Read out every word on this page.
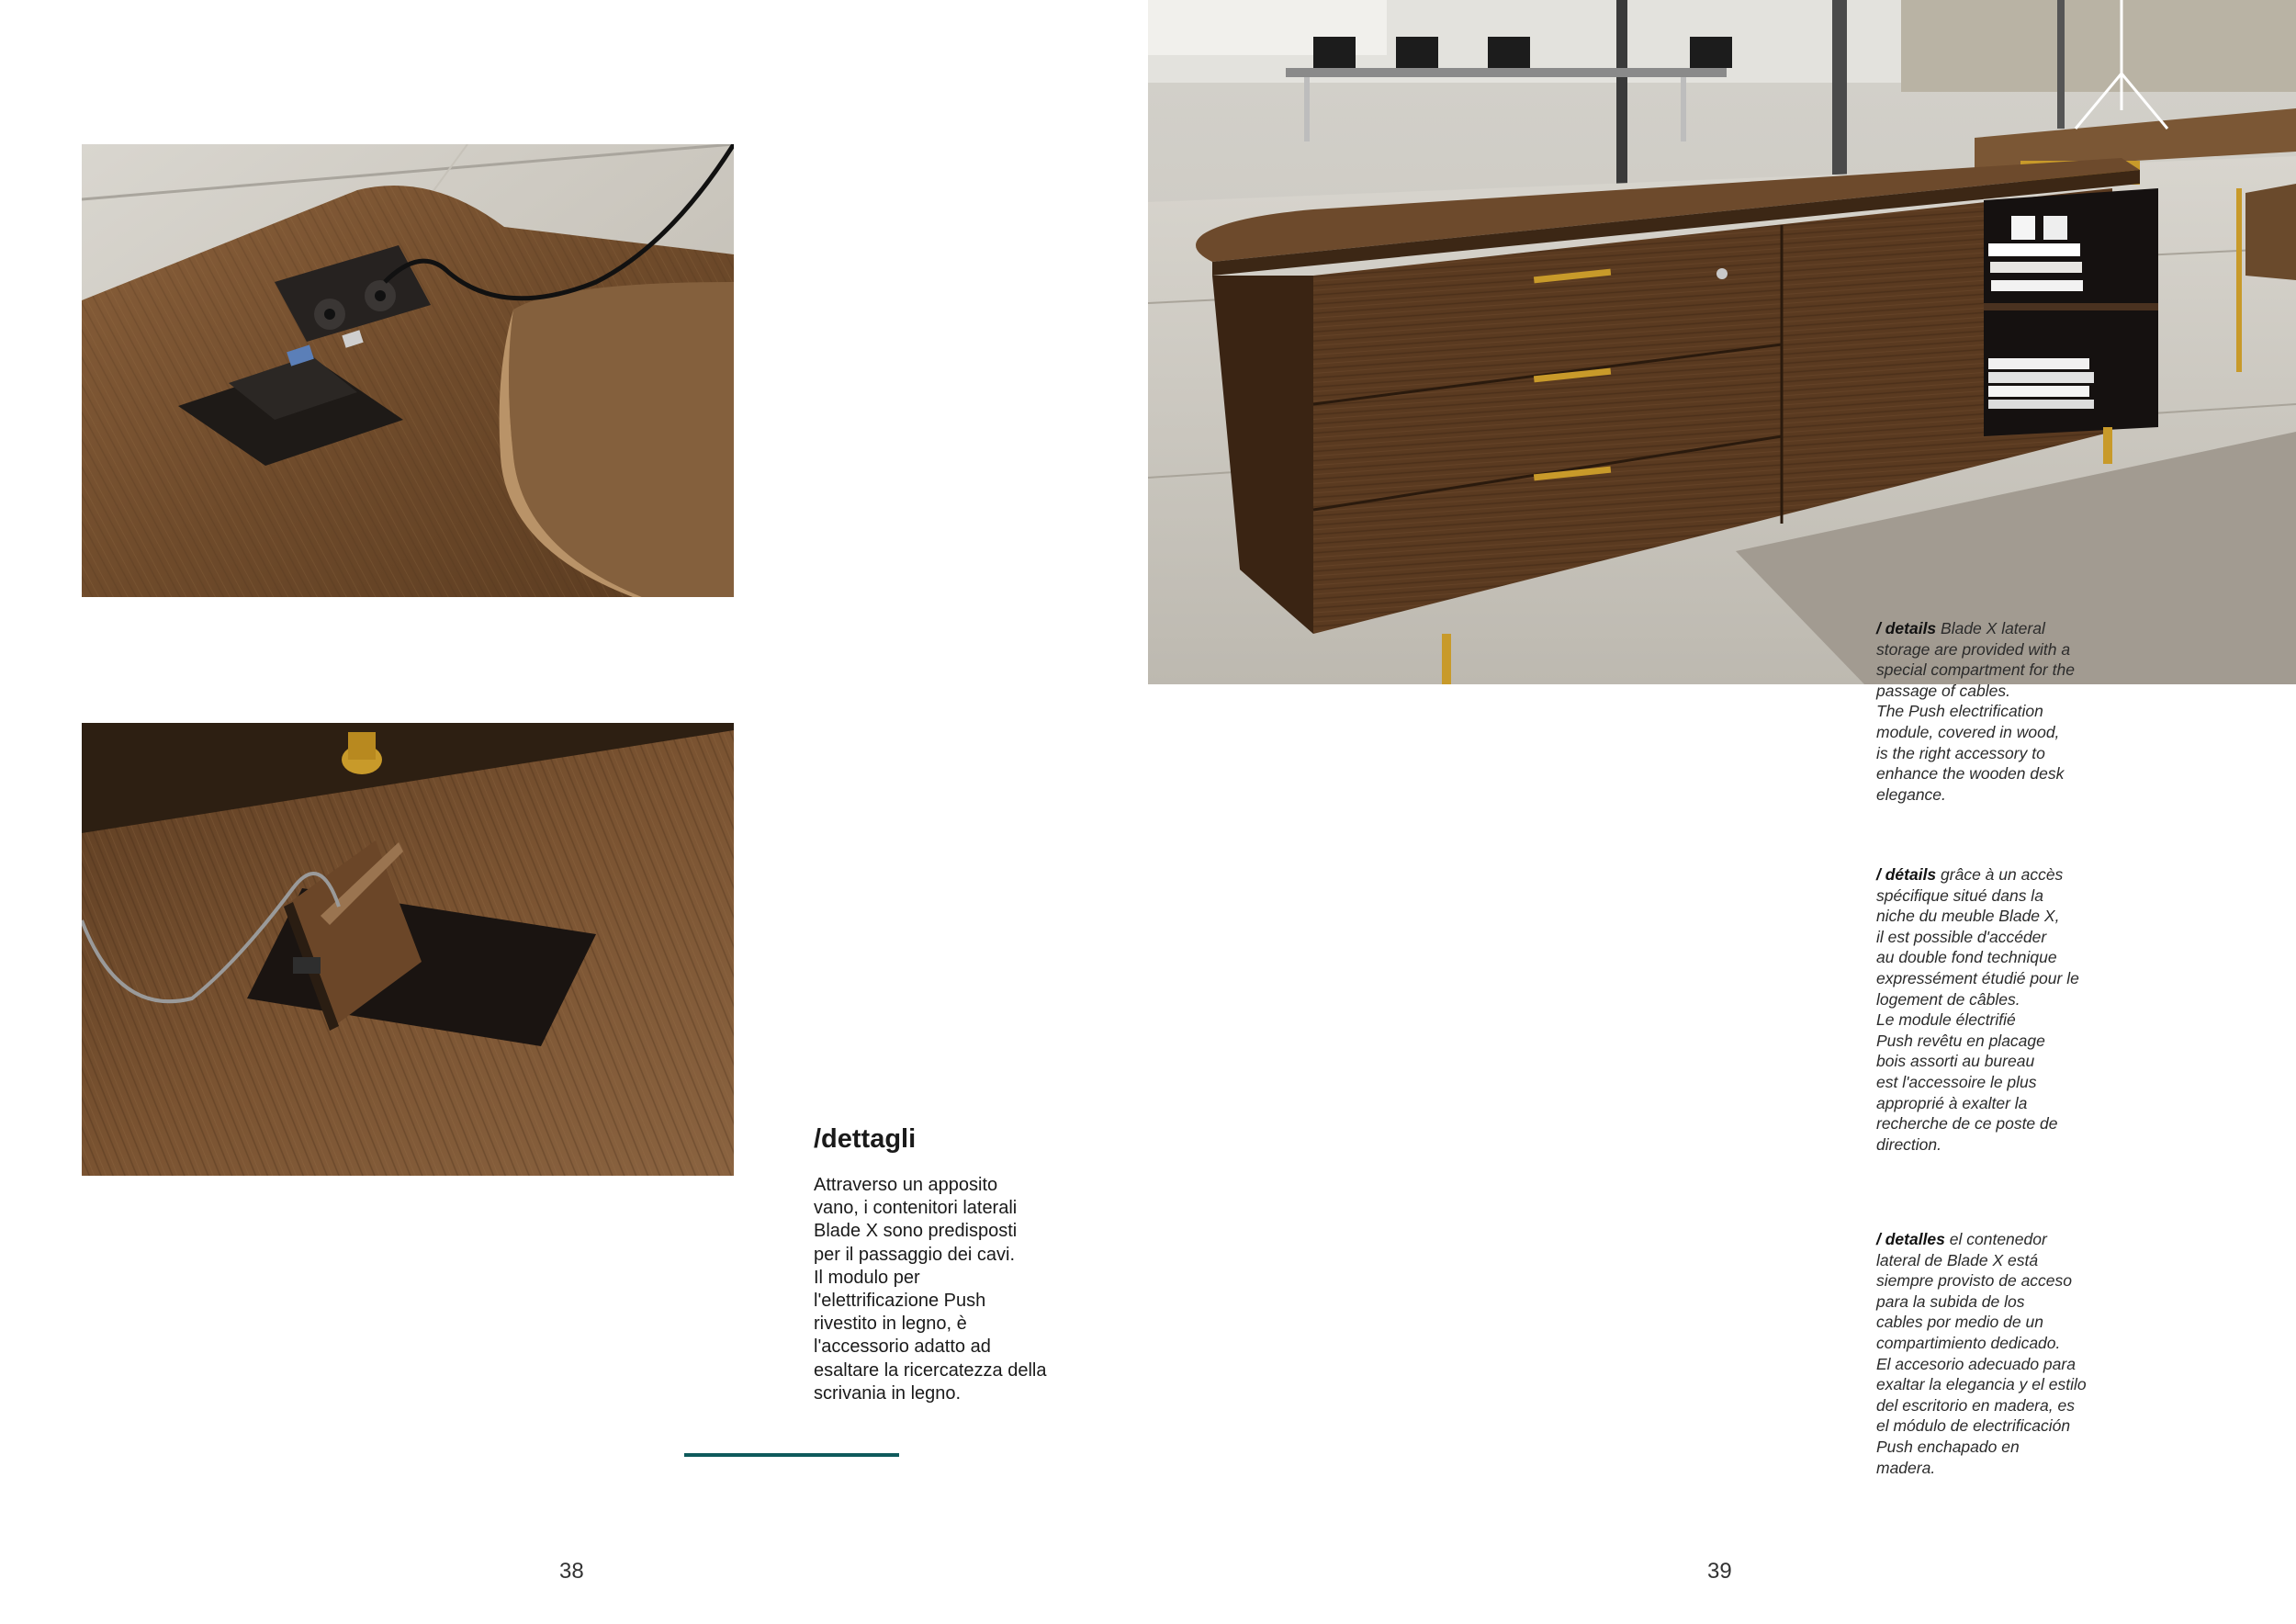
/dettagli

Attraverso un apposito
vano, i contenitori laterali
Blade X sono predisposti
per il passaggio dei cavi.
Il modulo per
l'elettrificazione Push
rivestito in legno, è
l'accessorio adatto ad
esaltare la ricercatezza della
scrivania in legno.

/ details Blade X lateral
storage are provided with a
special compartment for the
passage of cables.
The Push electrification
module, covered in wood,
is the right accessory to
enhance the wooden desk
elegance.

/ détails grâce à un accès
spécifique situé dans la
niche du meuble Blade X,
il est possible d'accéder
au double fond technique
expressément étudié pour le
logement de câbles.
Le module électrifié
Push revêtu en placage
bois assorti au bureau
est l'accessoire le plus
approprié à exalter la
recherche de ce poste de
direction.

/ detalles el contenedor
lateral de Blade X está
siempre provisto de acceso
para la subida de los
cables por medio de un
compartimiento dedicado.
El accesorio adecuado para
exaltar la elegancia y el estilo
del escritorio en madera, es
el módulo de electrificación
Push enchapado en
madera.

38	39
